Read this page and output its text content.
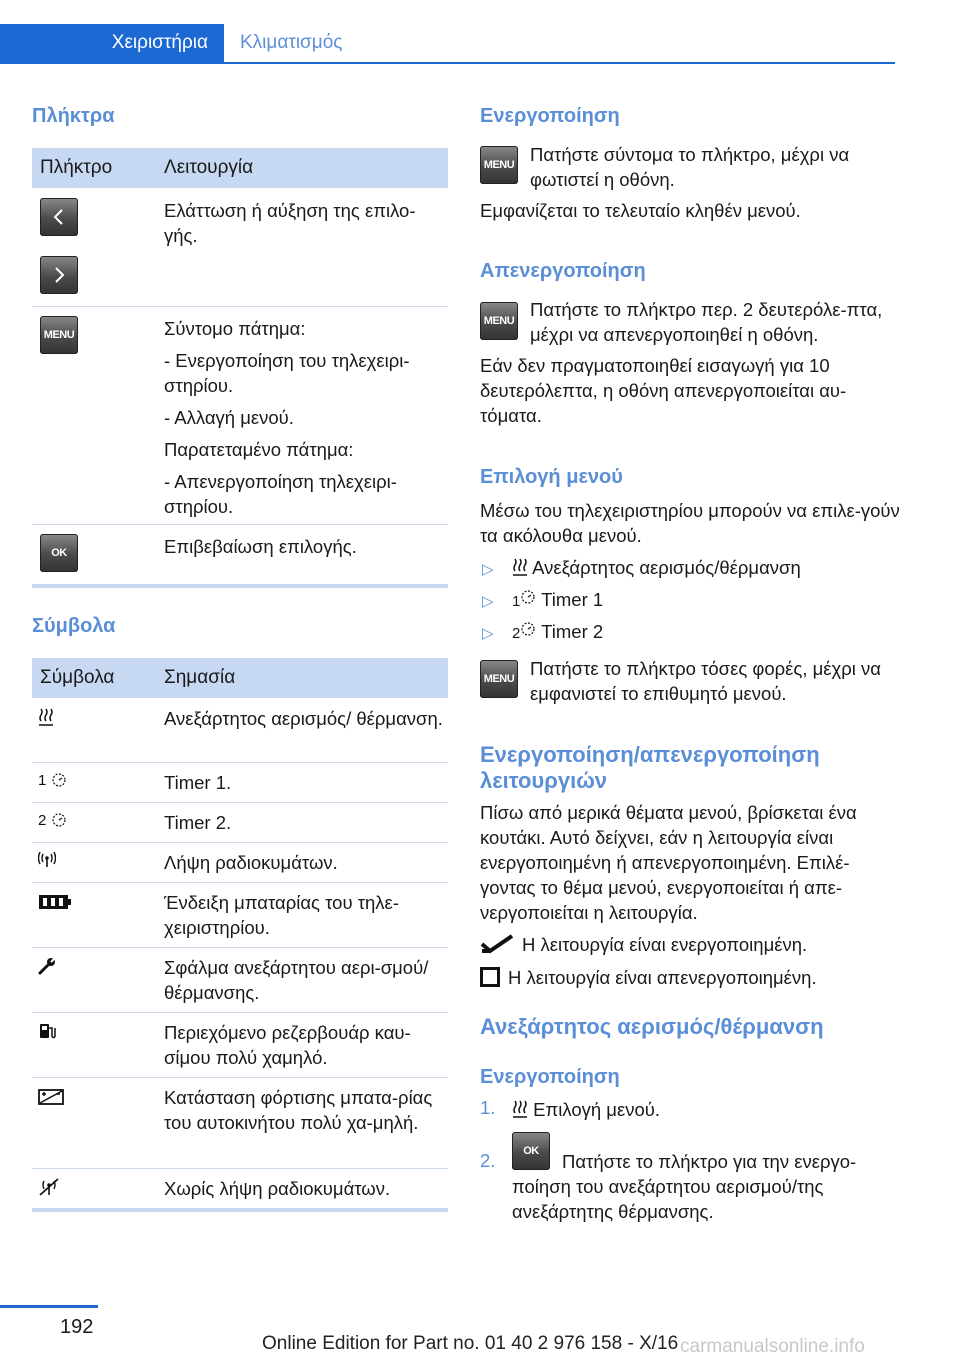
Χειριστήρια	Κλιματισμός
Πλήκτρα
Πλήκτρο	Λειτουργία

Ελάττωση ή αύξηση της επιλο-γής.

MENU	Σύντομο πάτημα:

- Ενεργοποίηση του τηλεχειρι-στηρίου.

- Αλλαγή μενού.

Παρατεταμένο πάτημα:

- Απενεργοποίηση τηλεχειρι-στηρίου.

OK	Επιβεβαίωση επιλογής.

Σύμβολα
Σύμβολα	Σημασία
Ανεξάρτητος αερισμός/ θέρμανση.
1	Timer 1.
2	Timer 2.
Λήψη ραδιοκυμάτων.
Ένδειξη μπαταρίας του τηλε-χειριστηρίου.
Σφάλμα ανεξάρτητου αερι-σμού/θέρμανσης.
Περιεχόμενο ρεζερβουάρ καυ-σίμου πολύ χαμηλό.
Κατάσταση φόρτισης μπατα-ρίας του αυτοκινήτου πολύ χα-μηλή.
Χωρίς λήψη ραδιοκυμάτων.
Ενεργοποίηση
MENU Πατήστε σύντομα το πλήκτρο, μέχρι να φωτιστεί η οθόνη.
Εμφανίζεται το τελευταίο κληθέν μενού.
Απενεργοποίηση
MENU
Πατήστε το πλήκτρο περ. 2 δευτερόλε-πτα, μέχρι να απενεργοποιηθεί η οθόνη.
Εάν δεν πραγματοποιηθεί εισαγωγή για 10 δευτερόλεπτα, η οθόνη απενεργοποιείται αυ-τόματα.
Επιλογή μενού
Μέσω του τηλεχειριστηρίου μπορούν να επιλε-γούν τα ακόλουθα μενού.
▷	Ανεξάρτητος αερισμός/θέρμανση
▷ 1 Timer 1
▷ 2 Timer 2
MENU Πατήστε το πλήκτρο τόσες φορές, μέχρι να εμφανιστεί το επιθυμητό μενού.
Ενεργοποίηση/απενεργοποίηση λειτουργιών
Πίσω από μερικά θέματα μενού, βρίσκεται ένα κουτάκι. Αυτό δείχνει, εάν η λειτουργία είναι ενεργοποιημένη ή απενεργοποιημένη. Επιλέ-γοντας το θέμα μενού, ενεργοποιείται ή απε-νεργοποιείται η λειτουργία.
Η λειτουργία είναι ενεργοποιημένη.
Η λειτουργία είναι απενεργοποιημένη.
Ανεξάρτητος αερισμός/θέρμανση
Ενεργοποίηση
1.	Επιλογή μενού.
2.	OK	Πατήστε το πλήκτρο για την ενεργο-ποίηση του ανεξάρτητου αερισμού/της ανεξάρτητης θέρμανσης.
192
Online Edition for Part no. 01 40 2 976 158 - X/16 carmanualsonline.info
